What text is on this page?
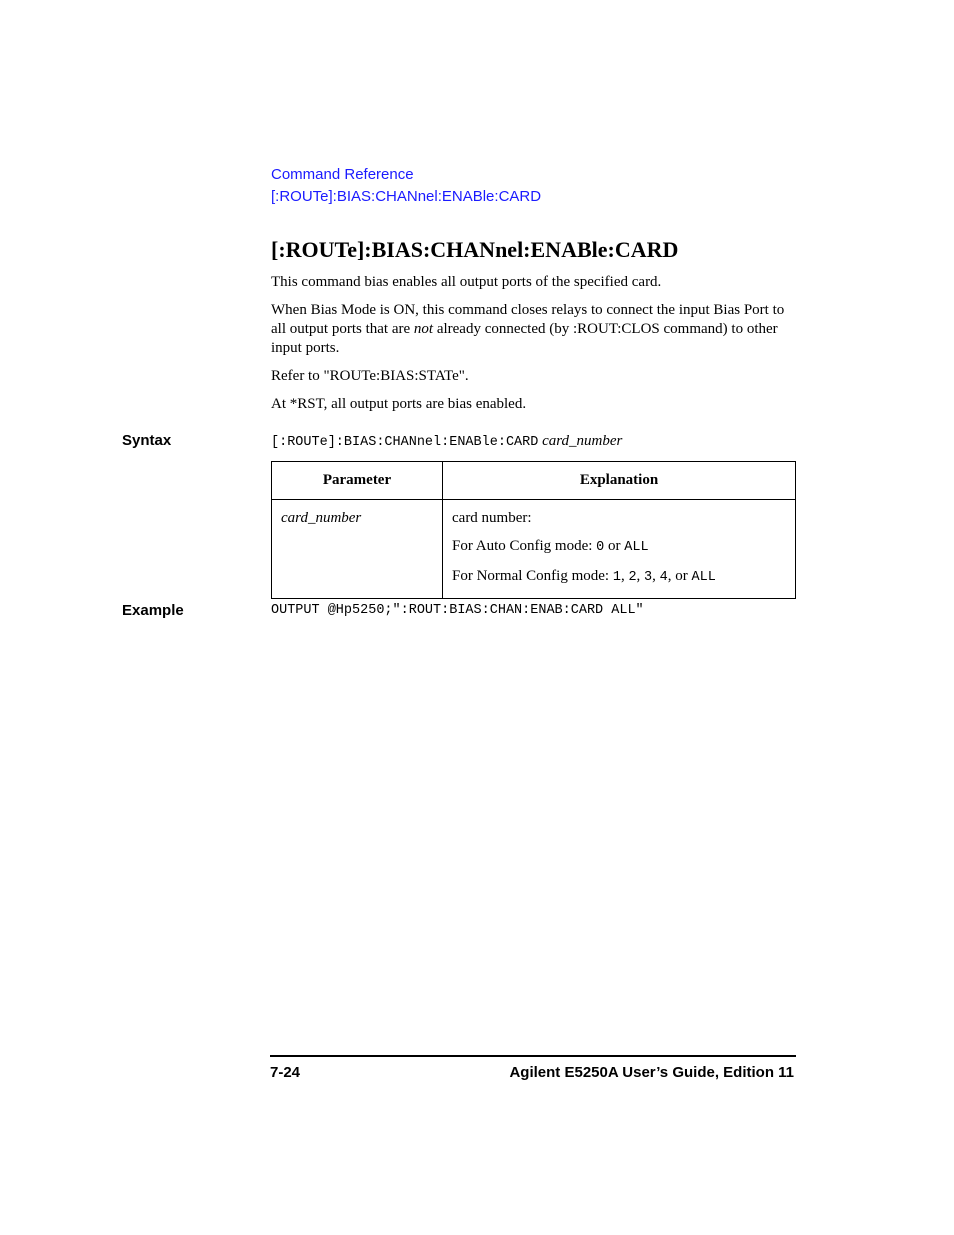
Command Reference
[:ROUTe]:BIAS:CHANnel:ENABle:CARD
[:ROUTe]:BIAS:CHANnel:ENABle:CARD
This command bias enables all output ports of the specified card.
When Bias Mode is ON, this command closes relays to connect the input Bias Port to all output ports that are not already connected (by :ROUT:CLOS command) to other input ports.
Refer to "ROUTe:BIAS:STATe".
At *RST, all output ports are bias enabled.
Syntax	[:ROUTe]:BIAS:CHANnel:ENABle:CARD card_number
Parameter	Explanation

card_number	card number:
For Auto Config mode: 0 or ALL
For Normal Config mode: 1, 2, 3, 4, or ALL
Example	OUTPUT @Hp5250;":ROUT:BIAS:CHAN:ENAB:CARD ALL"
7-24	Agilent E5250A User’s Guide, Edition 11
